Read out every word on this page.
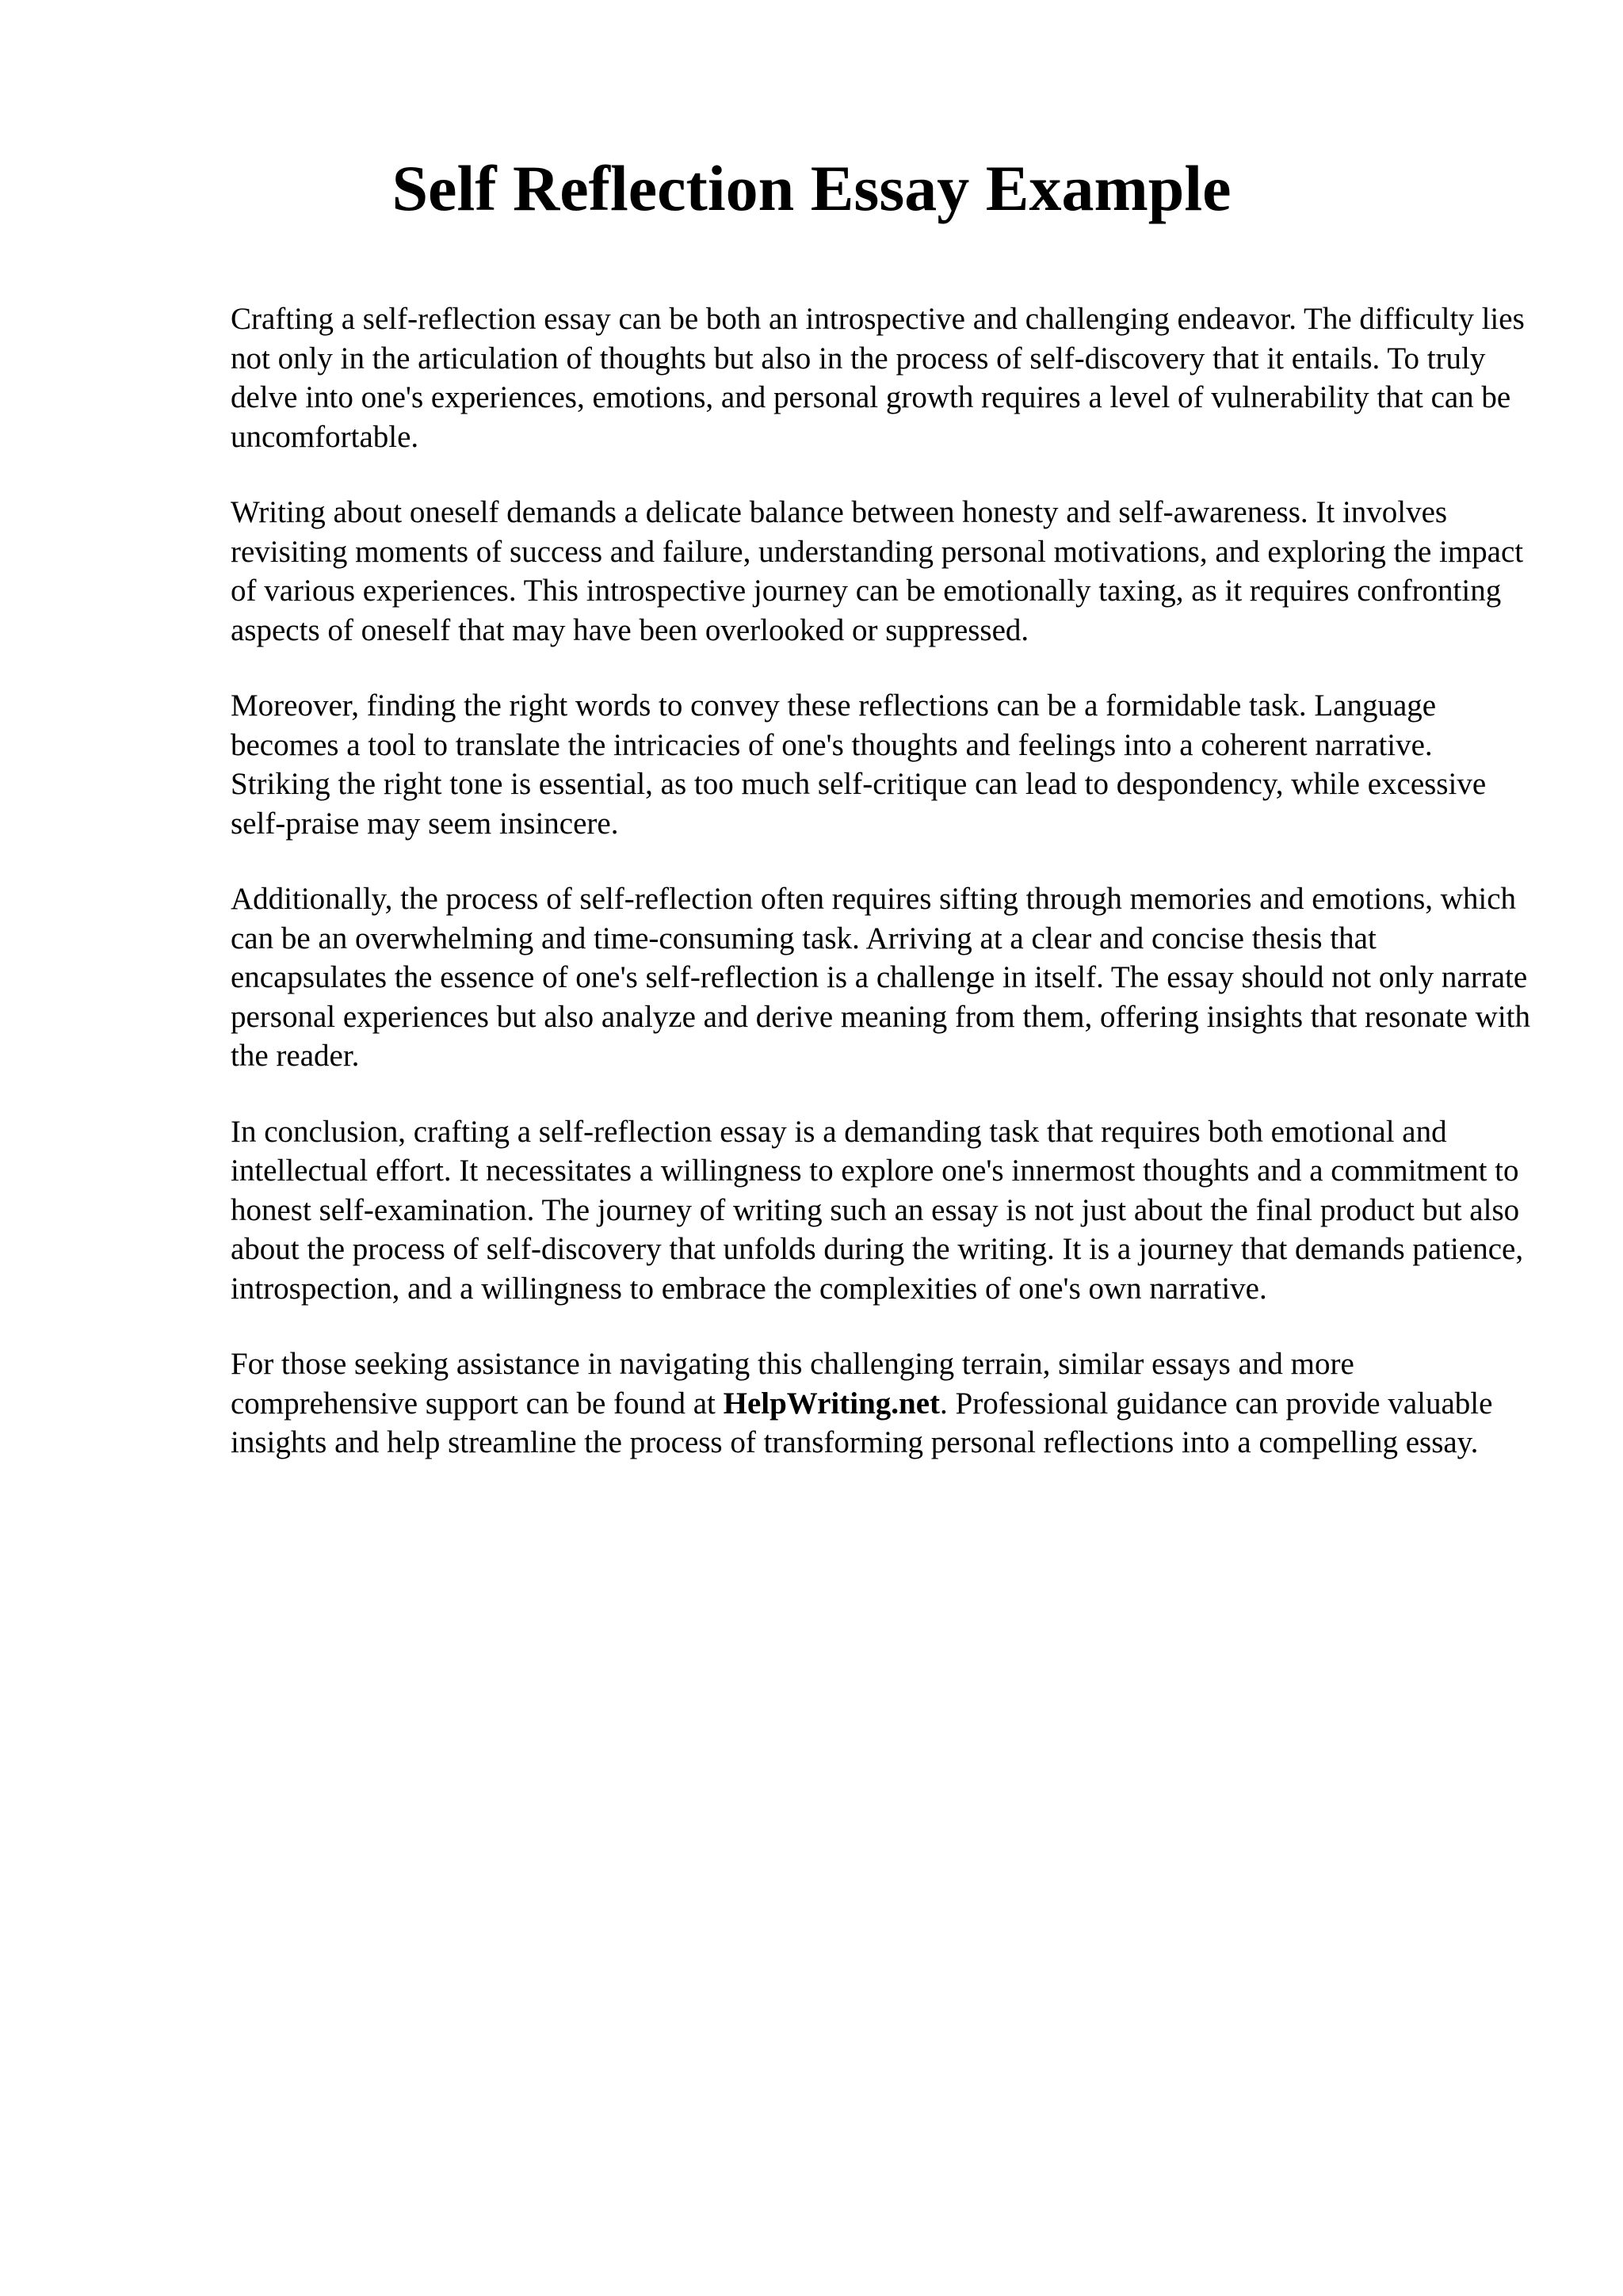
Self Reflection Essay Example

Crafting a self-reflection essay can be both an introspective and challenging endeavor. The difficulty lies not only in the articulation of thoughts but also in the process of self-discovery that it entails. To truly delve into one's experiences, emotions, and personal growth requires a level of vulnerability that can be uncomfortable.

Writing about oneself demands a delicate balance between honesty and self-awareness. It involves revisiting moments of success and failure, understanding personal motivations, and exploring the impact of various experiences. This introspective journey can be emotionally taxing, as it requires confronting aspects of oneself that may have been overlooked or suppressed.

Moreover, finding the right words to convey these reflections can be a formidable task. Language becomes a tool to translate the intricacies of one's thoughts and feelings into a coherent narrative. Striking the right tone is essential, as too much self-critique can lead to despondency, while excessive self-praise may seem insincere.

Additionally, the process of self-reflection often requires sifting through memories and emotions, which can be an overwhelming and time-consuming task. Arriving at a clear and concise thesis that encapsulates the essence of one's self-reflection is a challenge in itself. The essay should not only narrate personal experiences but also analyze and derive meaning from them, offering insights that resonate with the reader.

In conclusion, crafting a self-reflection essay is a demanding task that requires both emotional and intellectual effort. It necessitates a willingness to explore one's innermost thoughts and a commitment to honest self-examination. The journey of writing such an essay is not just about the final product but also about the process of self-discovery that unfolds during the writing. It is a journey that demands patience, introspection, and a willingness to embrace the complexities of one's own narrative.

For those seeking assistance in navigating this challenging terrain, similar essays and more comprehensive support can be found at HelpWriting.net. Professional guidance can provide valuable insights and help streamline the process of transforming personal reflections into a compelling essay.
